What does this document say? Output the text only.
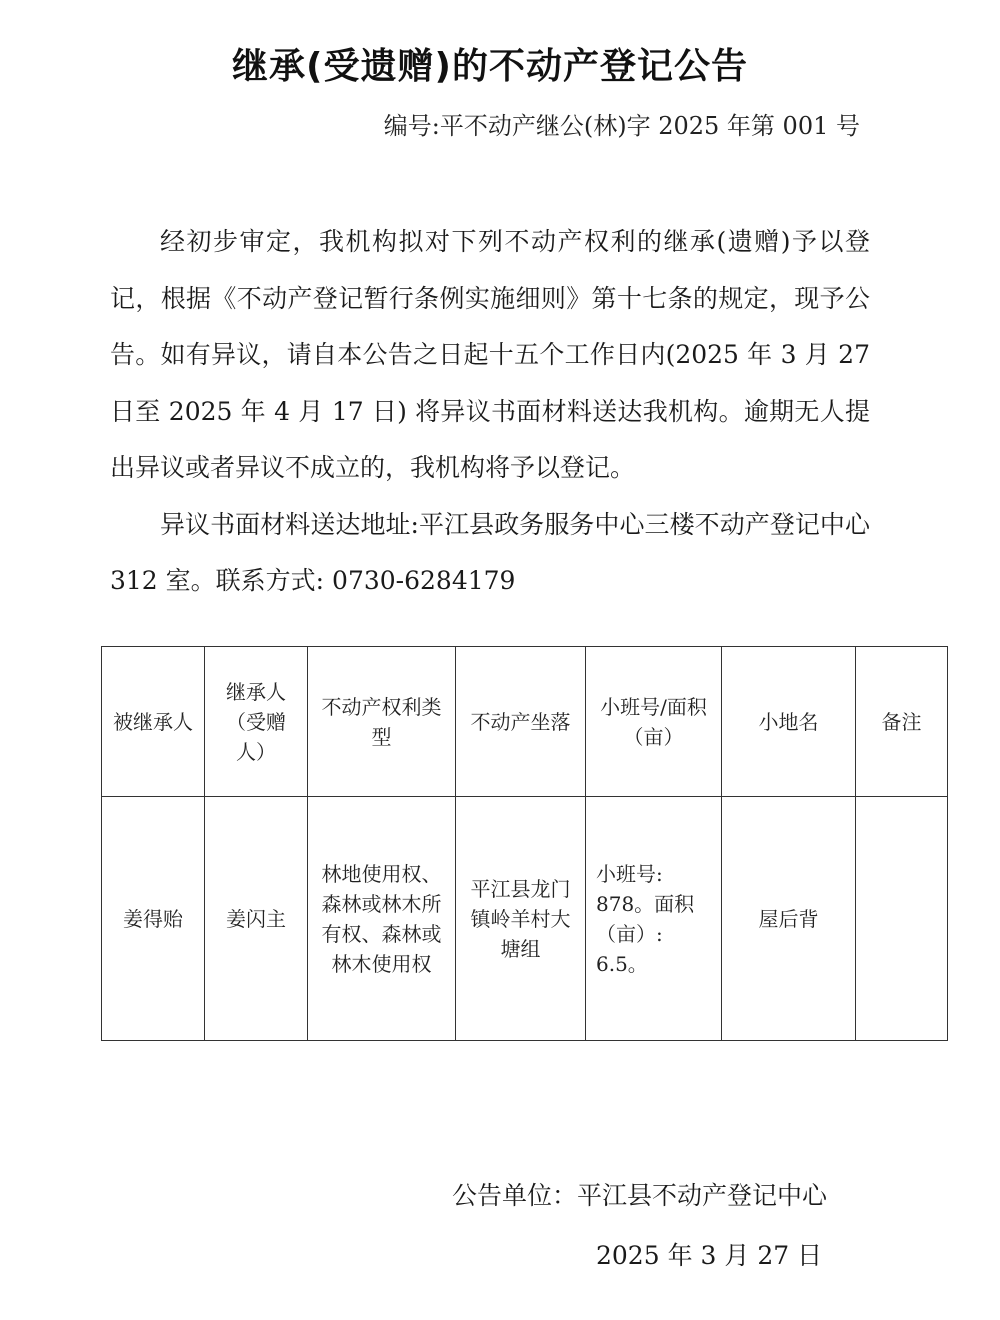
继承(受遗赠)的不动产登记公告
编号:平不动产继公(林)字 2025 年第 001 号

经初步审定，我机构拟对下列不动产权利的继承(遗赠)予以登记，根据《不动产登记暂行条例实施细则》第十七条的规定，现予公告。如有异议，请自本公告之日起十五个工作日内(2025 年 3 月 27 日至 2025 年 4 月 17 日) 将异议书面材料送达我机构。逾期无人提出异议或者异议不成立的，我机构将予以登记。

异议书面材料送达地址:平江县政务服务中心三楼不动产登记中心 312 室。联系方式: 0730-6284179

被继承人	继承人（受赠人）	不动产权利类型	不动产坐落	小班号/面积（亩）	小地名	备注
姜得贻	姜闪主	林地使用权、森林或林木所有权、森林或林木使用权	平江县龙门镇岭羊村大塘组	小班号: 878。面积（亩）: 6.5。	屋后背	
公告单位：平江县不动产登记中心
2025 年 3 月 27 日
